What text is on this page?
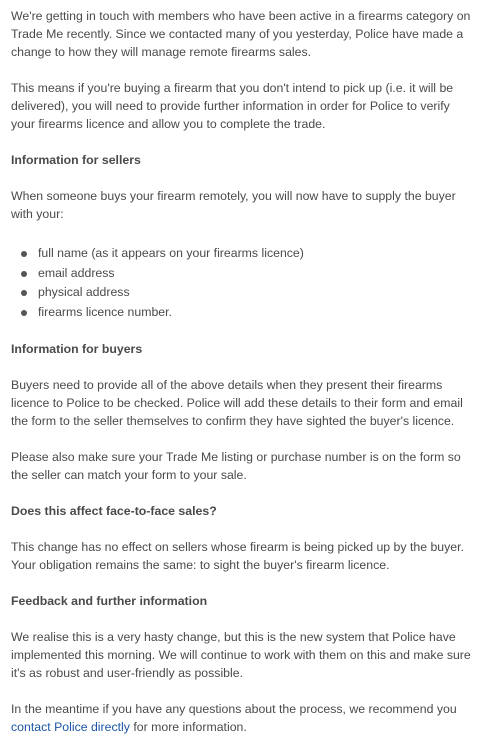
We're getting in touch with members who have been active in a firearms category on Trade Me recently. Since we contacted many of you yesterday, Police have made a change to how they will manage remote firearms sales.

This means if you're buying a firearm that you don't intend to pick up (i.e. it will be delivered), you will need to provide further information in order for Police to verify your firearms licence and allow you to complete the trade.

Information for sellers

When someone buys your firearm remotely, you will now have to supply the buyer with your:

full name (as it appears on your firearms licence)
email address
physical address
firearms licence number.
Information for buyers

Buyers need to provide all of the above details when they present their firearms licence to Police to be checked. Police will add these details to their form and email the form to the seller themselves to confirm they have sighted the buyer's licence.

Please also make sure your Trade Me listing or purchase number is on the form so the seller can match your form to your sale.

Does this affect face-to-face sales?

This change has no effect on sellers whose firearm is being picked up by the buyer. Your obligation remains the same: to sight the buyer's firearm licence.

Feedback and further information

We realise this is a very hasty change, but this is the new system that Police have implemented this morning. We will continue to work with them on this and make sure it's as robust and user-friendly as possible.

In the meantime if you have any questions about the process, we recommend you contact Police directly for more information.
